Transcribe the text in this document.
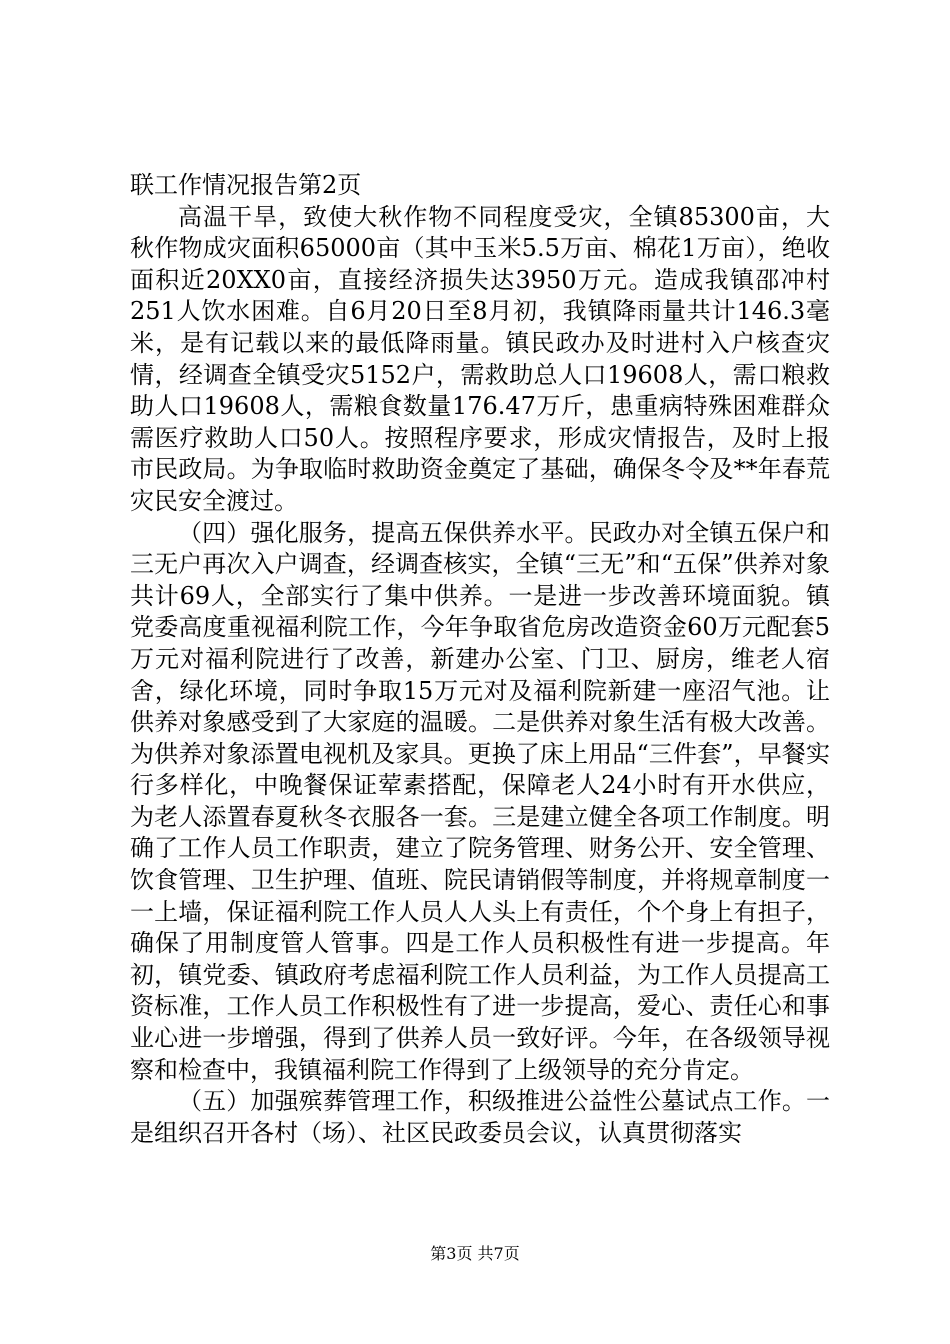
联工作情况报告第2页

高温干旱，致使大秋作物不同程度受灾，全镇85300亩，大秋作物成灾面积65000亩（其中玉米5.5万亩、棉花1万亩），绝收面积近20XX0亩，直接经济损失达3950万元。造成我镇邵冲村251人饮水困难。自6月20日至8月初，我镇降雨量共计146.3毫米，是有记载以来的最低降雨量。镇民政办及时进村入户核查灾情，经调查全镇受灾5152户，需救助总人口19608人，需口粮救助人口19608人，需粮食数量176.47万斤，患重病特殊困难群众需医疗救助人口50人。按照程序要求，形成灾情报告，及时上报市民政局。为争取临时救助资金奠定了基础，确保冬令及**年春荒灾民安全渡过。

（四）强化服务，提高五保供养水平。民政办对全镇五保户和三无户再次入户调查，经调查核实，全镇“三无”和“五保”供养对象共计69人，全部实行了集中供养。一是进一步改善环境面貌。镇党委高度重视福利院工作，今年争取省危房改造资金60万元配套5万元对福利院进行了改善，新建办公室、门卫、厨房，维老人宿舍，绿化环境，同时争取15万元对及福利院新建一座沼气池。让供养对象感受到了大家庭的温暖。二是供养对象生活有极大改善。为供养对象添置电视机及家具。更换了床上用品“三件套”，早餐实行多样化，中晚餐保证荤素搭配，保障老人24小时有开水供应，为老人添置春夏秋冬衣服各一套。三是建立健全各项工作制度。明确了工作人员工作职责，建立了院务管理、财务公开、安全管理、饮食管理、卫生护理、值班、院民请销假等制度，并将规章制度一一上墙，保证福利院工作人员人人头上有责任，个个身上有担子，确保了用制度管人管事。四是工作人员积极性有进一步提高。年初，镇党委、镇政府考虑福利院工作人员利益，为工作人员提高工资标准，工作人员工作积极性有了进一步提高，爱心、责任心和事业心进一步增强，得到了供养人员一致好评。今年，在各级领导视察和检查中，我镇福利院工作得到了上级领导的充分肯定。

（五）加强殡葬管理工作，积级推进公益性公墓试点工作。一是组织召开各村（场）、社区民政委员会议，认真贯彻落实

第3页 共7页
